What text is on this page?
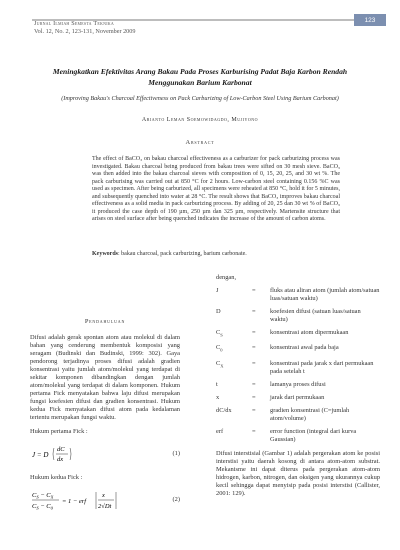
123
Jurnal Ilmiah Semesta Teknika
Vol. 12, No. 2, 123-131, November 2009
Meningkatkan Efektivitas Arang Bakau Pada Proses Karburising Padat Baja Karbon Rendah Menggunakan Barium Karbonat
(Improving Bakau's Charcoal Effectiveness on Pack Carburizing of Low-Carbon Steel Using Barium Carbonat)
Arianto Leman Soemowidagdo, Mujiyono
Abstract
The effect of BaCO₃ on bakau charcoal effectiveness as a carburizer for pack carburizing process was investigated. Bakau charcoal being produced from bakau trees were sifted on 30 mesh sieve. BaCO₃ was then added into the bakau charcoal sieves with composition of 0, 15, 20, 25, and 30 wt %. The pack carburising was carried out at 850 °C for 2 hours. Low-carbon steel containing 0.156 %C was used as specimen. After being carburized, all specimens were reheated at 850 °C, hold it for 5 minutes, and subsequently quenched into water at 28 °C. The result shows that BaCO₃ improves bakau charcoal effectiveness as a solid media in pack carburizing process. By adding of 20, 25 dan 30 wt % of BaCO₃ it produced the case depth of 190 µm, 250 µm dan 325 µm, respectively. Martensite structure that arises on steel surface after being quenched indicates the increase of the amount of carbon atoms.
Keywords: bakau charcoal, pack carburizing, barium carbonate.
Pendahuluan
Difusi adalah gerak spontan atom atau molekul di dalam bahan yang cenderung membentuk komposisi yang seragam (Budinski dan Budinski, 1999: 302). Gaya pendorong terjadinya proses difusi adalah gradien konsentrasi yaitu jumlah atom/molekul yang terdapat di sekitar komponen dibandingkan dengan jumlah atom/molekul yang terdapat di dalam komponen. Hukum pertama Fick menyatakan bahwa laju difusi merupakan fungsi koefesien difusi dan gradien konsentrasi. Hukum kedua Fick menyatakan difusi atom pada kedalaman tertentu merupakan fungsi waktu.
Hukum pertama Fick :
J = D
dC
dx
(1)
Hukum kedua Fick :
$C_S - C_X$
$C_S - C_0$
= 1 − erf
x
2√Dt
(2)
dengan,
J	=	fluks atau aliran atom (jumlah atom/satuan luas/satuan waktu)
D	=	koefesien difusi (satuan luas/satuan waktu)
$C_S$	=	konsentrasi atom dipermukaan
$C_0$	=	konsentrasi awal pada baja
$C_X$	=	konsentrasi pada jarak x dari permukaan pada setelah t
t	=	lamanya proses difusi
x	=	jarak dari permukaan
dC/dx	=	gradien konsentrasi (C=jumlah atom/volume)
erf	=	error function (integral dari kurva Gaussian)
Difusi interstisial (Gambar 1) adalah pergerakan atom ke posisi interstisi yaitu daerah kosong di antara atom-atom substrat. Mekanisme ini dapat diterus pada pergerakan atom-atom hidrogen, karbon, nitrogen, dan oksigen yang ukurannya cukup kecil sehingga dapat menyisip pada posisi interstisi (Callister, 2001: 129).
